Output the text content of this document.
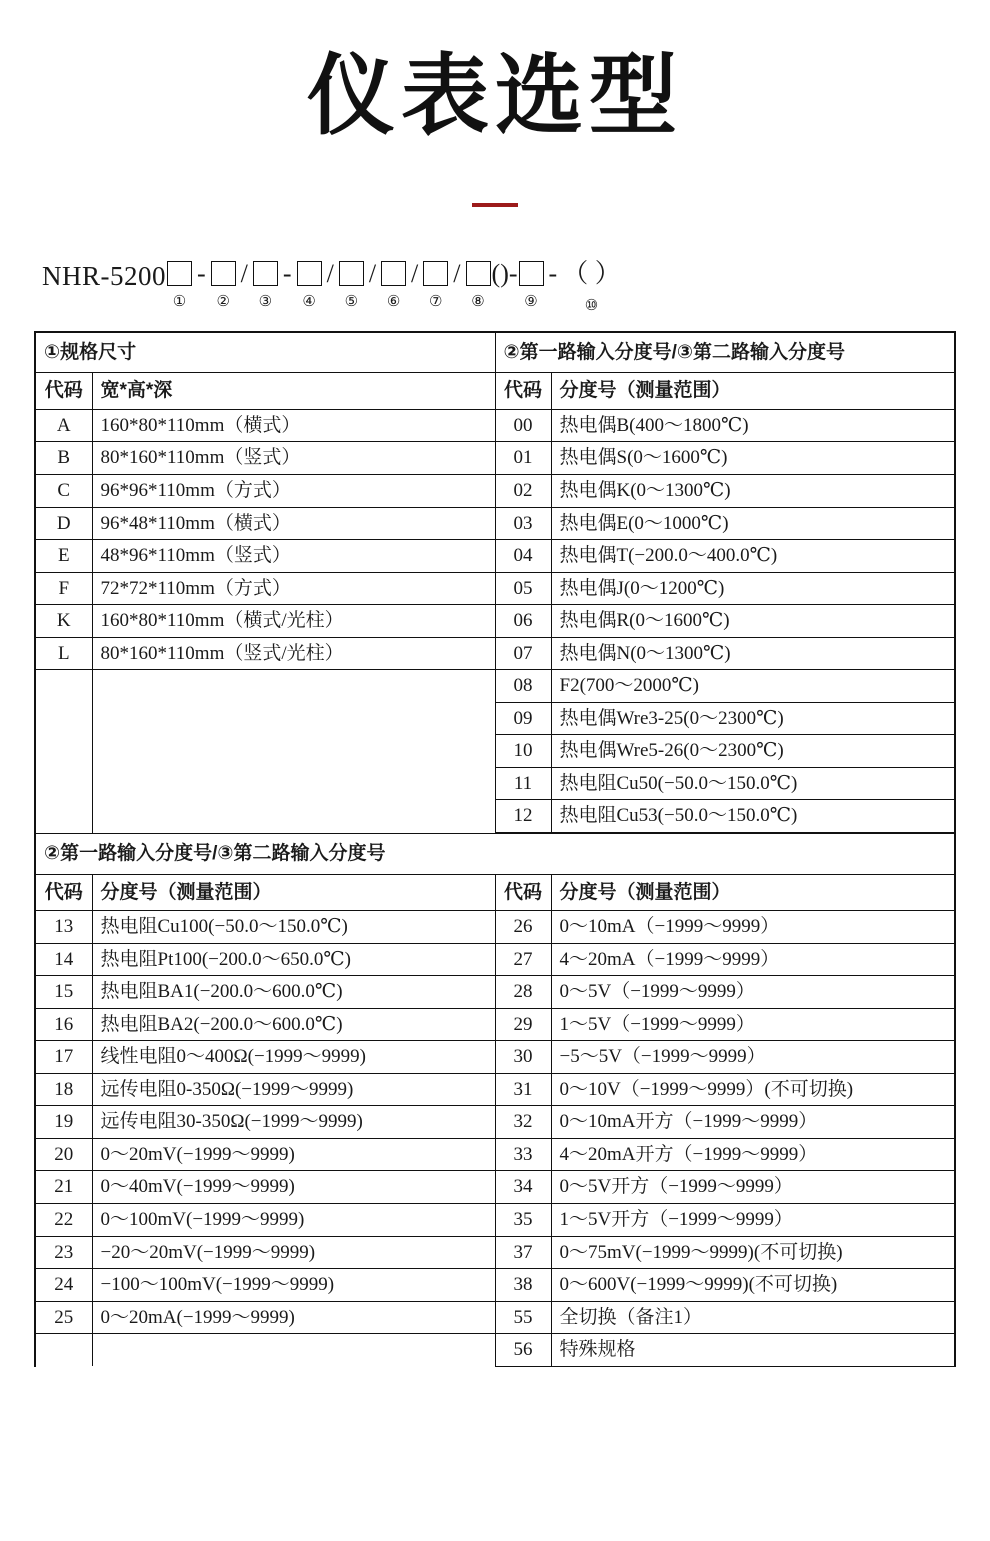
仪表选型
NHR-5200
①
-
②
/
③
-
④
/
⑤
/
⑥
/
⑦
/
⑧
( )-
⑨
- （ ）
⑩
①规格尺寸		②第一路输入分度号/③第二路输入分度号	
代码	宽*高*深	代码	分度号（测量范围）
A	160*80*110mm（横式）	00	热电偶B(400～1800℃)
B	80*160*110mm（竖式）	01	热电偶S(0～1600℃)
C	96*96*110mm（方式）	02	热电偶K(0～1300℃)
D	96*48*110mm（横式）	03	热电偶E(0～1000℃)
E	48*96*110mm（竖式）	04	热电偶T(−200.0～400.0℃)
F	72*72*110mm（方式）	05	热电偶J(0～1200℃)
K	160*80*110mm（横式/光柱）	06	热电偶R(0～1600℃)
L	80*160*110mm（竖式/光柱）	07	热电偶N(0～1300℃)
		08	F2(700～2000℃)
		09	热电偶Wre3-25(0～2300℃)
		10	热电偶Wre5-26(0～2300℃)
		11	热电阻Cu50(−50.0～150.0℃)
		12	热电阻Cu53(−50.0～150.0℃)
②第一路输入分度号/③第二路输入分度号			
代码	分度号（测量范围）	代码	分度号（测量范围）
13	热电阻Cu100(−50.0～150.0℃)	26	0～10mA（−1999～9999）
14	热电阻Pt100(−200.0～650.0℃)	27	4～20mA（−1999～9999）
15	热电阻BA1(−200.0～600.0℃)	28	0～5V（−1999～9999）
16	热电阻BA2(−200.0～600.0℃)	29	1～5V（−1999～9999）
17	线性电阻0～400Ω(−1999～9999)	30	−5～5V（−1999～9999）
18	远传电阻0-350Ω(−1999～9999)	31	0～10V（−1999～9999）(不可切换)
19	远传电阻30-350Ω(−1999～9999)	32	0～10mA开方（−1999～9999）
20	0～20mV(−1999～9999)	33	4～20mA开方（−1999～9999）
21	0～40mV(−1999～9999)	34	0～5V开方（−1999～9999）
22	0～100mV(−1999～9999)	35	1～5V开方（−1999～9999）
23	−20～20mV(−1999～9999)	37	0～75mV(−1999～9999)(不可切换)
24	−100～100mV(−1999～9999)	38	0～600V(−1999～9999)(不可切换)
25	0～20mA(−1999～9999)	55	全切换（备注1）
		56	特殊规格
